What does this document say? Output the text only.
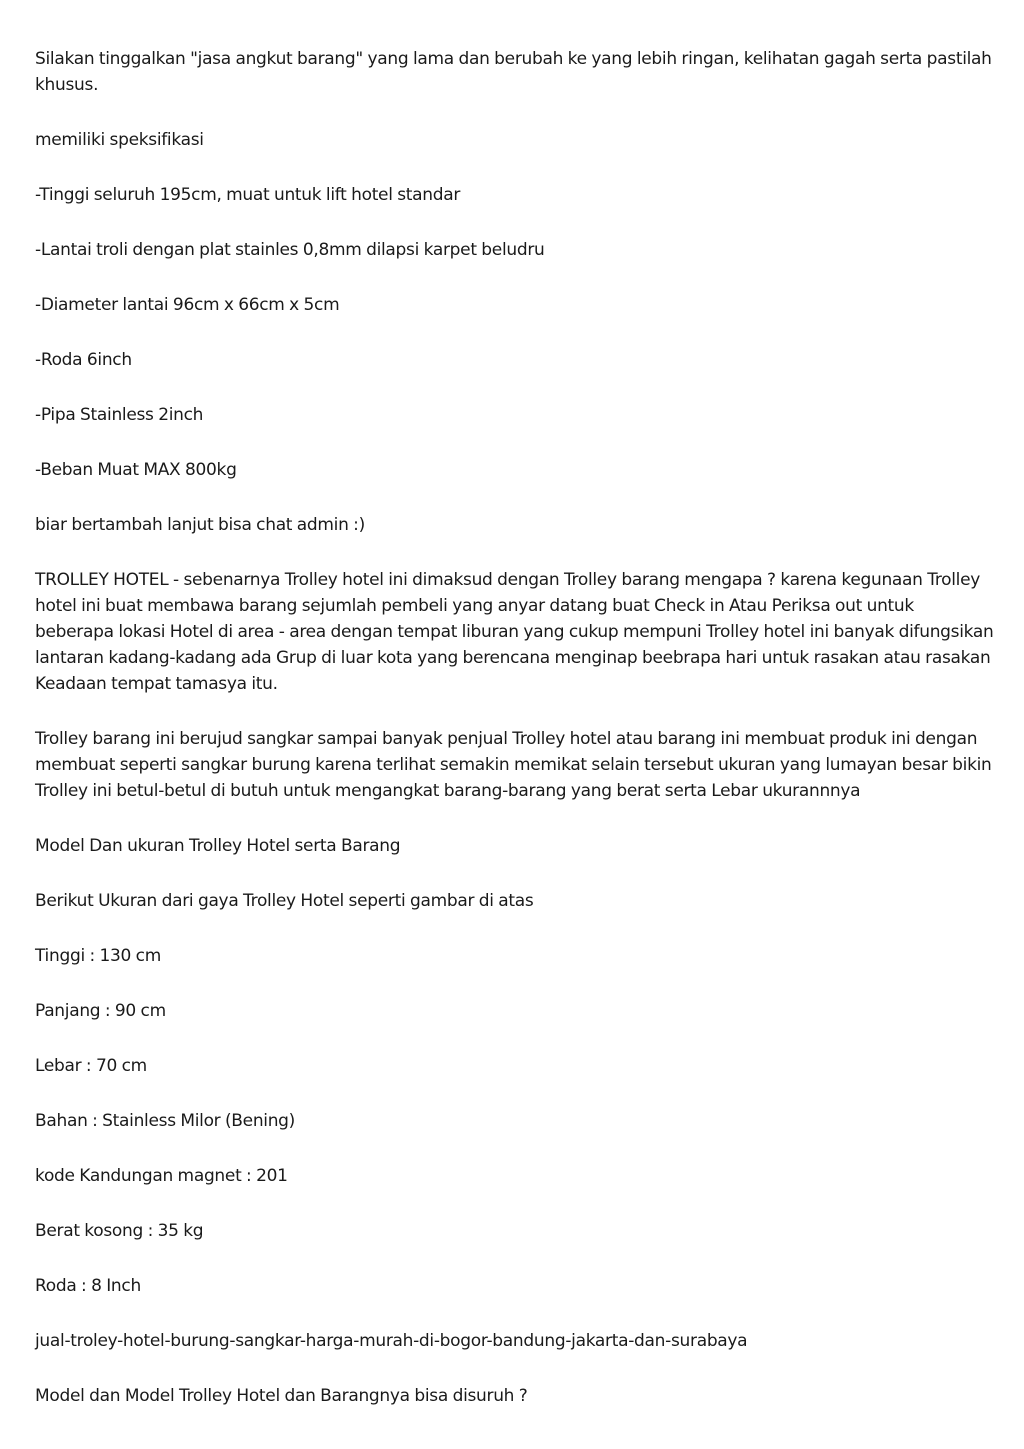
Silakan tinggalkan "jasa angkut barang" yang lama dan berubah ke yang lebih ringan, kelihatan gagah serta pastilah khusus.

memiliki speksifikasi

-Tinggi seluruh 195cm, muat untuk lift hotel standar

-Lantai troli dengan plat stainles 0,8mm dilapsi karpet beludru

-Diameter lantai 96cm x 66cm x 5cm

-Roda 6inch

-Pipa Stainless 2inch

-Beban Muat MAX 800kg

biar bertambah lanjut bisa chat admin :)

TROLLEY HOTEL - sebenarnya Trolley hotel ini dimaksud dengan Trolley barang mengapa ? karena kegunaan Trolley hotel ini buat membawa barang sejumlah pembeli yang anyar datang buat Check in Atau Periksa out untuk beberapa lokasi Hotel di area - area dengan tempat liburan yang cukup mempuni Trolley hotel ini banyak difungsikan lantaran kadang-kadang ada Grup di luar kota yang berencana menginap beebrapa hari untuk rasakan atau rasakan Keadaan tempat tamasya itu.

Trolley barang ini berujud sangkar sampai banyak penjual Trolley hotel atau barang ini membuat produk ini dengan membuat seperti sangkar burung karena terlihat semakin memikat selain tersebut ukuran yang lumayan besar bikin Trolley ini betul-betul di butuh untuk mengangkat barang-barang yang berat serta Lebar ukurannnya

Model Dan ukuran Trolley Hotel serta Barang

Berikut Ukuran dari gaya Trolley Hotel seperti gambar di atas

Tinggi : 130 cm

Panjang : 90 cm

Lebar : 70 cm

Bahan : Stainless Milor (Bening)

kode Kandungan magnet : 201

Berat kosong : 35 kg

Roda : 8 Inch

jual-troley-hotel-burung-sangkar-harga-murah-di-bogor-bandung-jakarta-dan-surabaya

Model dan Model Trolley Hotel dan Barangnya bisa disuruh ?
